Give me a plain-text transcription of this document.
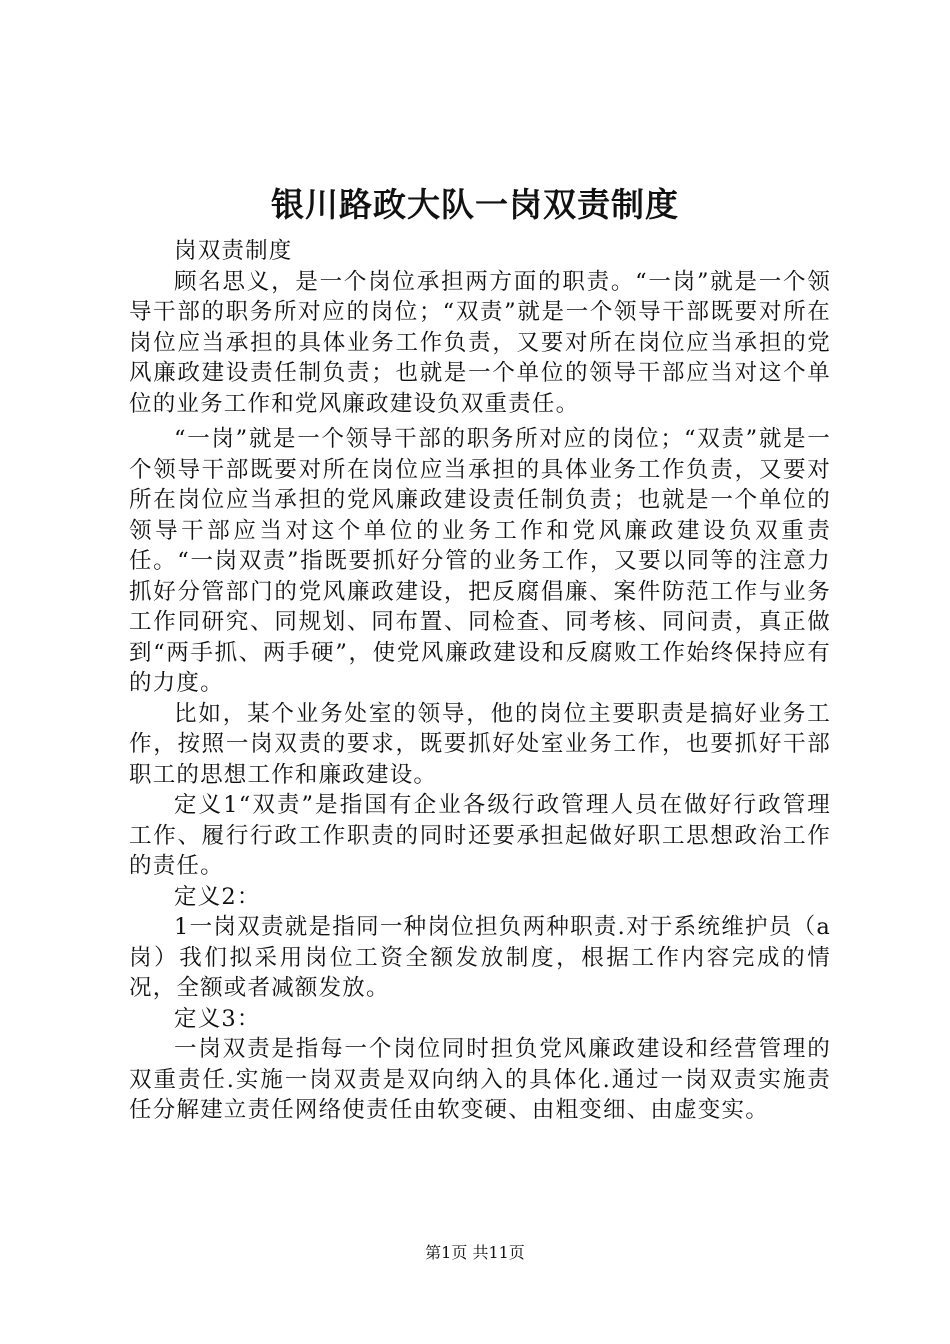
银川路政大队一岗双责制度

岗双责制度

顾名思义，是一个岗位承担两方面的职责。“一岗”就是一个领导干部的职务所对应的岗位；“双责”就是一个领导干部既要对所在岗位应当承担的具体业务工作负责，又要对所在岗位应当承担的党风廉政建设责任制负责；也就是一个单位的领导干部应当对这个单位的业务工作和党风廉政建设负双重责任。

“一岗”就是一个领导干部的职务所对应的岗位；“双责”就是一个领导干部既要对所在岗位应当承担的具体业务工作负责，又要对所在岗位应当承担的党风廉政建设责任制负责；也就是一个单位的领导干部应当对这个单位的业务工作和党风廉政建设负双重责任。“一岗双责”指既要抓好分管的业务工作，又要以同等的注意力抓好分管部门的党风廉政建设，把反腐倡廉、案件防范工作与业务工作同研究、同规划、同布置、同检查、同考核、同问责，真正做到“两手抓、两手硬”，使党风廉政建设和反腐败工作始终保持应有的力度。

比如，某个业务处室的领导，他的岗位主要职责是搞好业务工作，按照一岗双责的要求，既要抓好处室业务工作，也要抓好干部职工的思想工作和廉政建设。

定义1“双责”是指国有企业各级行政管理人员在做好行政管理工作、履行行政工作职责的同时还要承担起做好职工思想政治工作的责任。

定义2：

1一岗双责就是指同一种岗位担负两种职责.对于系统维护员（a岗）我们拟采用岗位工资全额发放制度，根据工作内容完成的情况，全额或者减额发放。

定义3：

一岗双责是指每一个岗位同时担负党风廉政建设和经营管理的双重责任.实施一岗双责是双向纳入的具体化.通过一岗双责实施责任分解建立责任网络使责任由软变硬、由粗变细、由虚变实。

第1页 共11页
